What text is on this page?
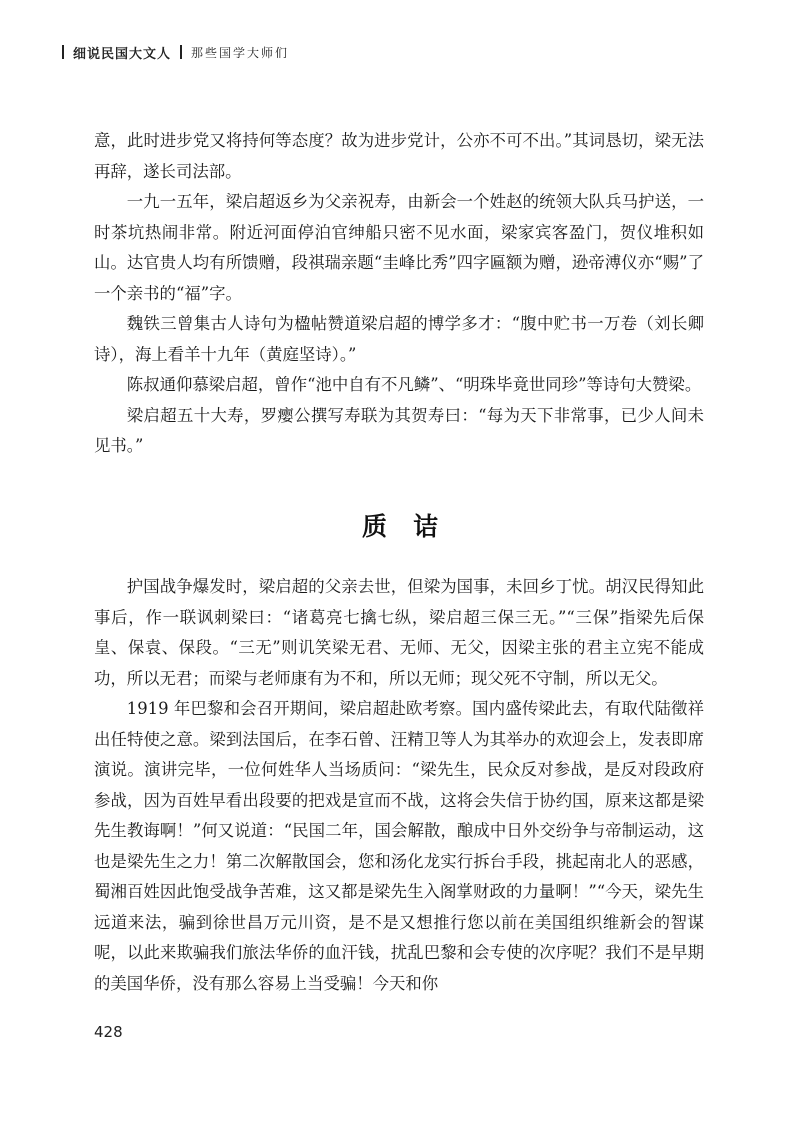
细说民国大文人 那些国学大师们

意，此时进步党又将持何等态度？故为进步党计，公亦不可不出。”其词恳切，梁无法再辞，遂长司法部。

一九一五年，梁启超返乡为父亲祝寿，由新会一个姓赵的统领大队兵马护送，一时茶坑热闹非常。附近河面停泊官绅船只密不见水面，梁家宾客盈门，贺仪堆积如山。达官贵人均有所馈赠，段祺瑞亲题“圭峰比秀”四字匾额为赠，逊帝溥仪亦“赐”了一个亲书的“福”字。

魏铁三曾集古人诗句为楹帖赞道梁启超的博学多才：“腹中贮书一万卷（刘长卿诗），海上看羊十九年（黄庭坚诗）。”

陈叔通仰慕梁启超，曾作“池中自有不凡鳞”、“明珠毕竟世同珍”等诗句大赞梁。

梁启超五十大寿，罗瘿公撰写寿联为其贺寿曰：“每为天下非常事，已少人间未见书。”

质诘

护国战争爆发时，梁启超的父亲去世，但梁为国事，未回乡丁忧。胡汉民得知此事后，作一联讽刺梁曰：“诸葛亮七擒七纵，梁启超三保三无。”“三保”指梁先后保皇、保袁、保段。“三无”则讥笑梁无君、无师、无父，因梁主张的君主立宪不能成功，所以无君；而梁与老师康有为不和，所以无师；现父死不守制，所以无父。

1919 年巴黎和会召开期间，梁启超赴欧考察。国内盛传梁此去，有取代陆徵祥出任特使之意。梁到法国后，在李石曾、汪精卫等人为其举办的欢迎会上，发表即席演说。演讲完毕，一位何姓华人当场质问：“梁先生，民众反对参战，是反对段政府参战，因为百姓早看出段要的把戏是宣而不战，这将会失信于协约国，原来这都是梁先生教诲啊！”何又说道：“民国二年，国会解散，酿成中日外交纷争与帝制运动，这也是梁先生之力！第二次解散国会，您和汤化龙实行拆台手段，挑起南北人的恶感，蜀湘百姓因此饱受战争苦难，这又都是梁先生入阁掌财政的力量啊！”“今天，梁先生远道来法，骗到徐世昌万元川资，是不是又想推行您以前在美国组织维新会的智谋呢，以此来欺骗我们旅法华侨的血汗钱，扰乱巴黎和会专使的次序呢？我们不是早期的美国华侨，没有那么容易上当受骗！今天和你

428
